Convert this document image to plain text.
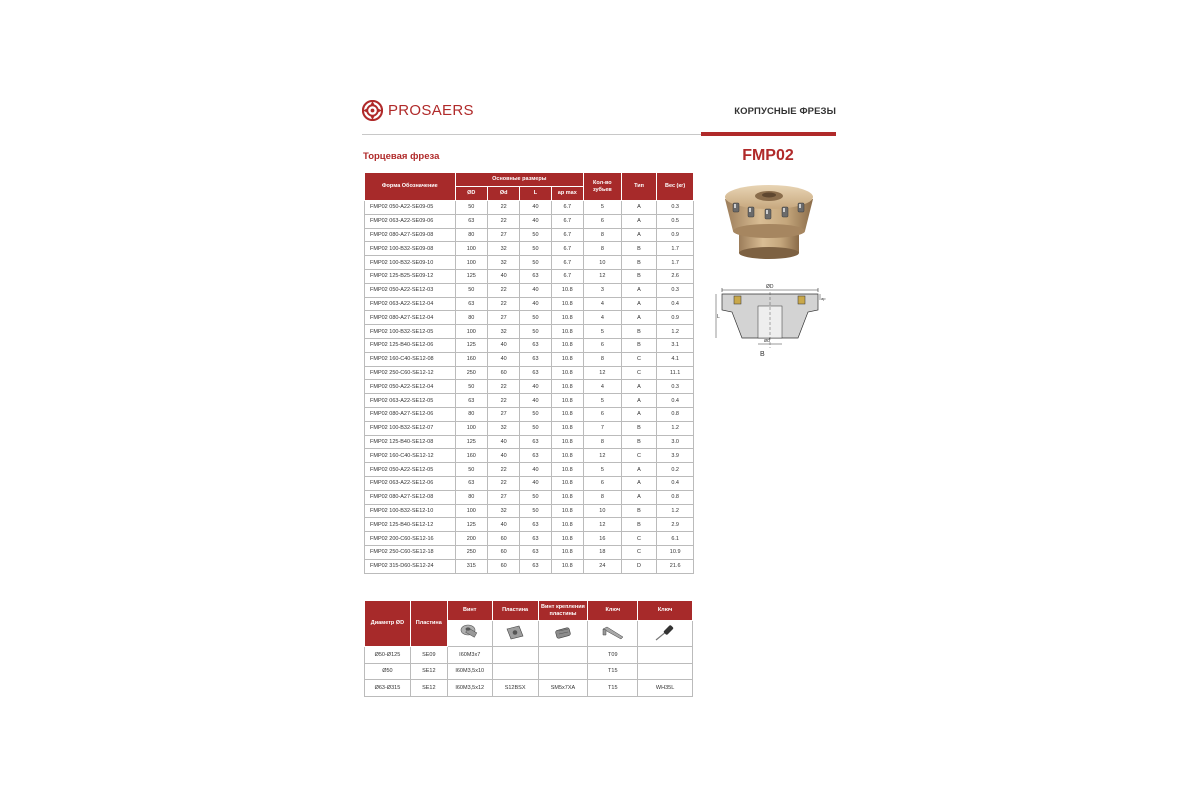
PROSAERS	КОРПУСНЫЕ ФРЕЗЫ
Торцевая фреза	FMP02
Форма Обозначение	Основные размеры				Кол-во зубьев	Тип	Вес (кг)
	ØD	Ød	L	ap max			
FMP02 050-A22-SE09-05	50	22	40	6.7	5	A	0.3
FMP02 063-A22-SE09-06	63	22	40	6.7	6	A	0.5
FMP02 080-A27-SE09-08	80	27	50	6.7	8	A	0.9
FMP02 100-B32-SE09-08	100	32	50	6.7	8	B	1.7
FMP02 100-B32-SE09-10	100	32	50	6.7	10	B	1.7
FMP02 125-B25-SE09-12	125	40	63	6.7	12	B	2.6
FMP02 050-A22-SE12-03	50	22	40	10.8	3	A	0.3
FMP02 063-A22-SE12-04	63	22	40	10.8	4	A	0.4
FMP02 080-A27-SE12-04	80	27	50	10.8	4	A	0.9
FMP02 100-B32-SE12-05	100	32	50	10.8	5	B	1.2
FMP02 125-B40-SE12-06	125	40	63	10.8	6	B	3.1
FMP02 160-C40-SE12-08	160	40	63	10.8	8	C	4.1
FMP02 250-C60-SE12-12	250	60	63	10.8	12	C	11.1
FMP02 050-A22-SE12-04	50	22	40	10.8	4	A	0.3
FMP02 063-A22-SE12-05	63	22	40	10.8	5	A	0.4
FMP02 080-A27-SE12-06	80	27	50	10.8	6	A	0.8
FMP02 100-B32-SE12-07	100	32	50	10.8	7	B	1.2
FMP02 125-B40-SE12-08	125	40	63	10.8	8	B	3.0
FMP02 160-C40-SE12-12	160	40	63	10.8	12	C	3.9
FMP02 050-A22-SE12-05	50	22	40	10.8	5	A	0.2
FMP02 063-A22-SE12-06	63	22	40	10.8	6	A	0.4
FMP02 080-A27-SE12-08	80	27	50	10.8	8	A	0.8
FMP02 100-B32-SE12-10	100	32	50	10.8	10	B	1.2
FMP02 125-B40-SE12-12	125	40	63	10.8	12	B	2.9
FMP02 200-C60-SE12-16	200	60	63	10.8	16	C	6.1
FMP02 250-C60-SE12-18	250	60	63	10.8	18	C	10.9
FMP02 315-D60-SE12-24	315	60	63	10.8	24	D	21.6
ØD
L
ap
ød
B
Диаметр ØD	Пластина	Винт	Пластина	Винт крепления пластины	Ключ	Ключ

Ø50-Ø125	SE09	I60M3x7			T09	
Ø50	SE12	I60M3,5x10			T15	
Ø63-Ø315	SE12	I60M3,5x12	S12BSX	SM5x7XA	T15	WH35L
